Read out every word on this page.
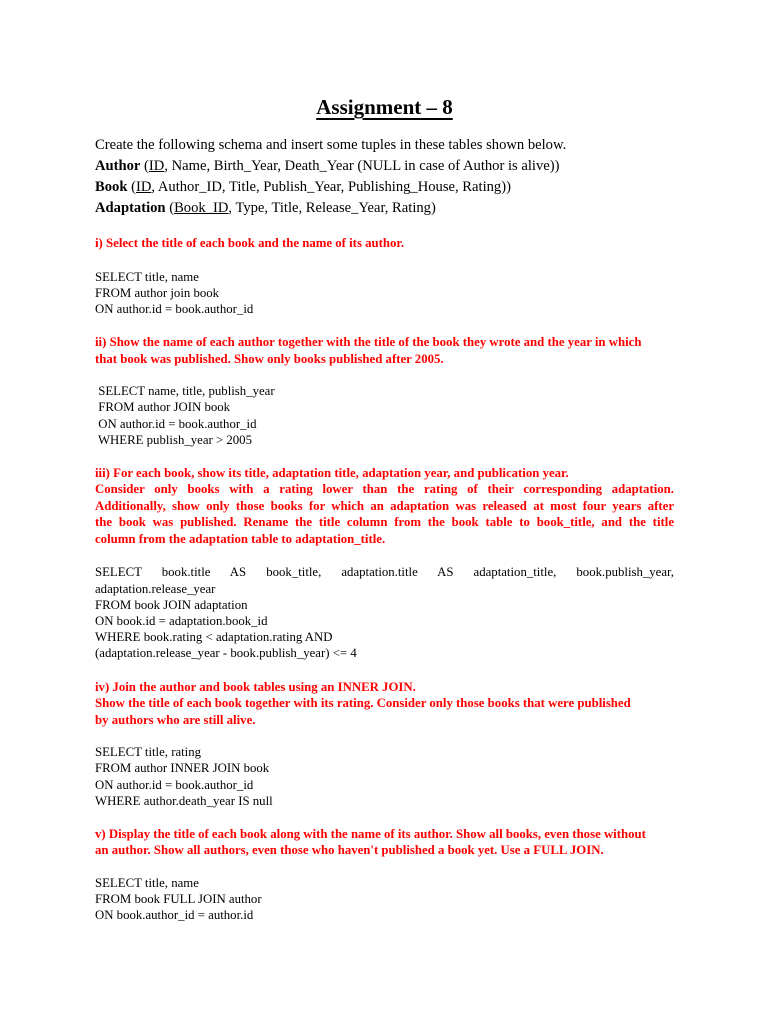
Assignment – 8
Create the following schema and insert some tuples in these tables shown below.
Author (ID, Name, Birth_Year, Death_Year (NULL in case of Author is alive))
Book (ID, Author_ID, Title, Publish_Year, Publishing_House, Rating))
Adaptation (Book_ID, Type, Title, Release_Year, Rating)
i) Select the title of each book and the name of its author.
SELECT title, name
FROM author join book
ON author.id = book.author_id
ii) Show the name of each author together with the title of the book they wrote and the year in which
that book was published. Show only books published after 2005.
SELECT name, title, publish_year
FROM author JOIN book
ON author.id = book.author_id
WHERE publish_year > 2005
iii) For each book, show its title, adaptation title, adaptation year, and publication year.
Consider only books with a rating lower than the rating of their corresponding adaptation.
Additionally, show only those books for which an adaptation was released at most four years after
the book was published. Rename the title column from the book table to book_title, and the title
column from the adaptation table to adaptation_title.
SELECT book.title AS book_title, adaptation.title AS adaptation_title, book.publish_year,
adaptation.release_year
FROM book JOIN adaptation
ON book.id = adaptation.book_id
WHERE book.rating < adaptation.rating AND
(adaptation.release_year - book.publish_year) <= 4
iv) Join the author and book tables using an INNER JOIN.
Show the title of each book together with its rating. Consider only those books that were published
by authors who are still alive.
SELECT title, rating
FROM author INNER JOIN book
ON author.id = book.author_id
WHERE author.death_year IS null
v) Display the title of each book along with the name of its author. Show all books, even those without
an author. Show all authors, even those who haven't published a book yet. Use a FULL JOIN.
SELECT title, name
FROM book FULL JOIN author
ON book.author_id = author.id
